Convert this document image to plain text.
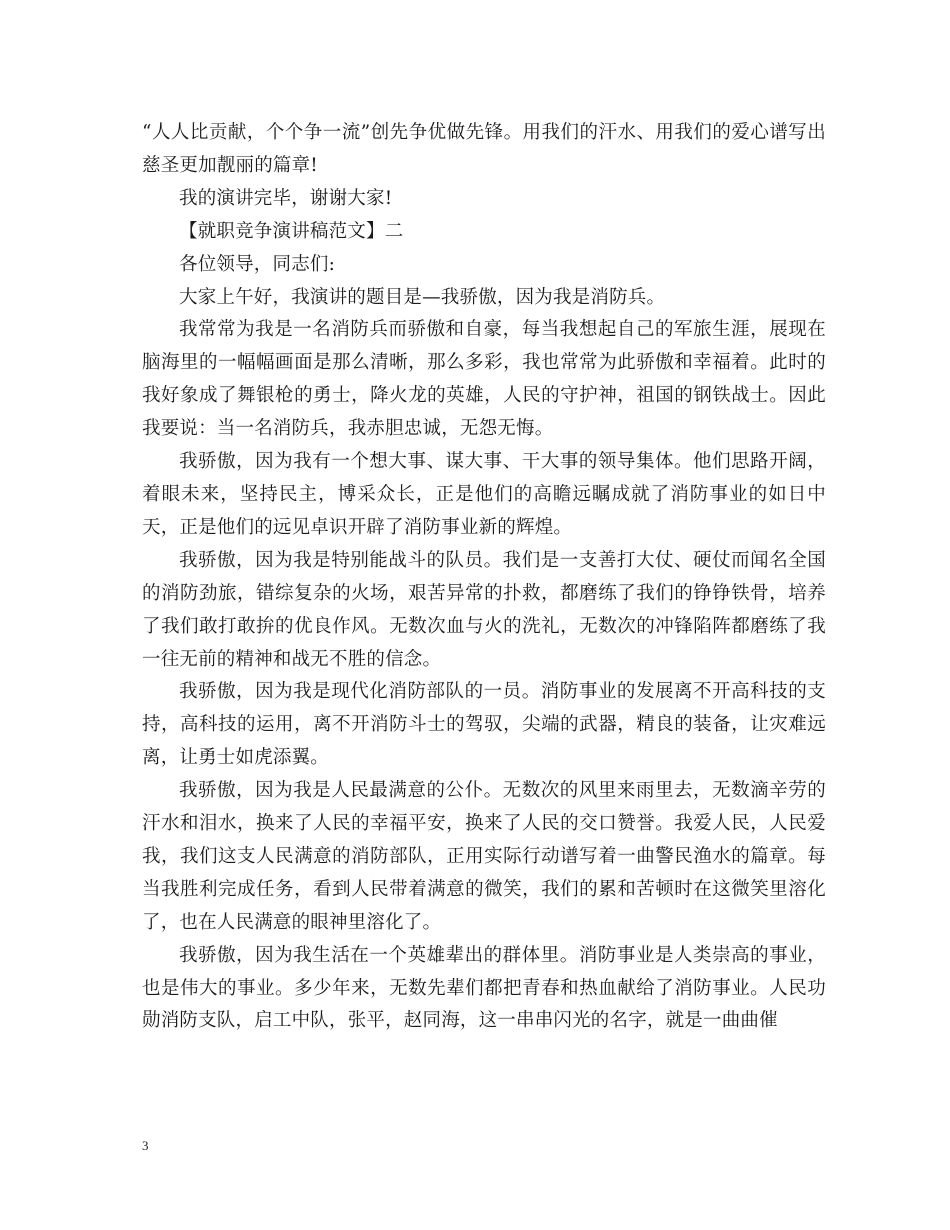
“人人比贡献，个个争一流”创先争优做先锋。用我们的汗水、用我们的爱心谱写出慈圣更加靓丽的篇章!

我的演讲完毕，谢谢大家!

【就职竞争演讲稿范文】二

各位领导，同志们:

大家上午好，我演讲的题目是—我骄傲，因为我是消防兵。

我常常为我是一名消防兵而骄傲和自豪，每当我想起自己的军旅生涯，展现在脑海里的一幅幅画面是那么清晰，那么多彩，我也常常为此骄傲和幸福着。此时的我好象成了舞银枪的勇士，降火龙的英雄，人民的守护神，祖国的钢铁战士。因此我要说：当一名消防兵，我赤胆忠诚，无怨无悔。

我骄傲，因为我有一个想大事、谋大事、干大事的领导集体。他们思路开阔，着眼未来，坚持民主，博采众长，正是他们的高瞻远瞩成就了消防事业的如日中天，正是他们的远见卓识开辟了消防事业新的辉煌。

我骄傲，因为我是特别能战斗的队员。我们是一支善打大仗、硬仗而闻名全国的消防劲旅，错综复杂的火场，艰苦异常的扑救，都磨练了我们的铮铮铁骨，培养了我们敢打敢拚的优良作风。无数次血与火的洗礼，无数次的冲锋陷阵都磨练了我一往无前的精神和战无不胜的信念。

我骄傲，因为我是现代化消防部队的一员。消防事业的发展离不开高科技的支持，高科技的运用，离不开消防斗士的驾驭，尖端的武器，精良的装备，让灾难远离，让勇士如虎添翼。

我骄傲，因为我是人民最满意的公仆。无数次的风里来雨里去，无数滴辛劳的汗水和泪水，换来了人民的幸福平安，换来了人民的交口赞誉。我爱人民，人民爱我，我们这支人民满意的消防部队，正用实际行动谱写着一曲警民渔水的篇章。每当我胜利完成任务，看到人民带着满意的微笑，我们的累和苦顿时在这微笑里溶化了，也在人民满意的眼神里溶化了。

我骄傲，因为我生活在一个英雄辈出的群体里。消防事业是人类崇高的事业，也是伟大的事业。多少年来，无数先辈们都把青春和热血献给了消防事业。人民功勋消防支队，启工中队，张平，赵同海，这一串串闪光的名字，就是一曲曲催

3
